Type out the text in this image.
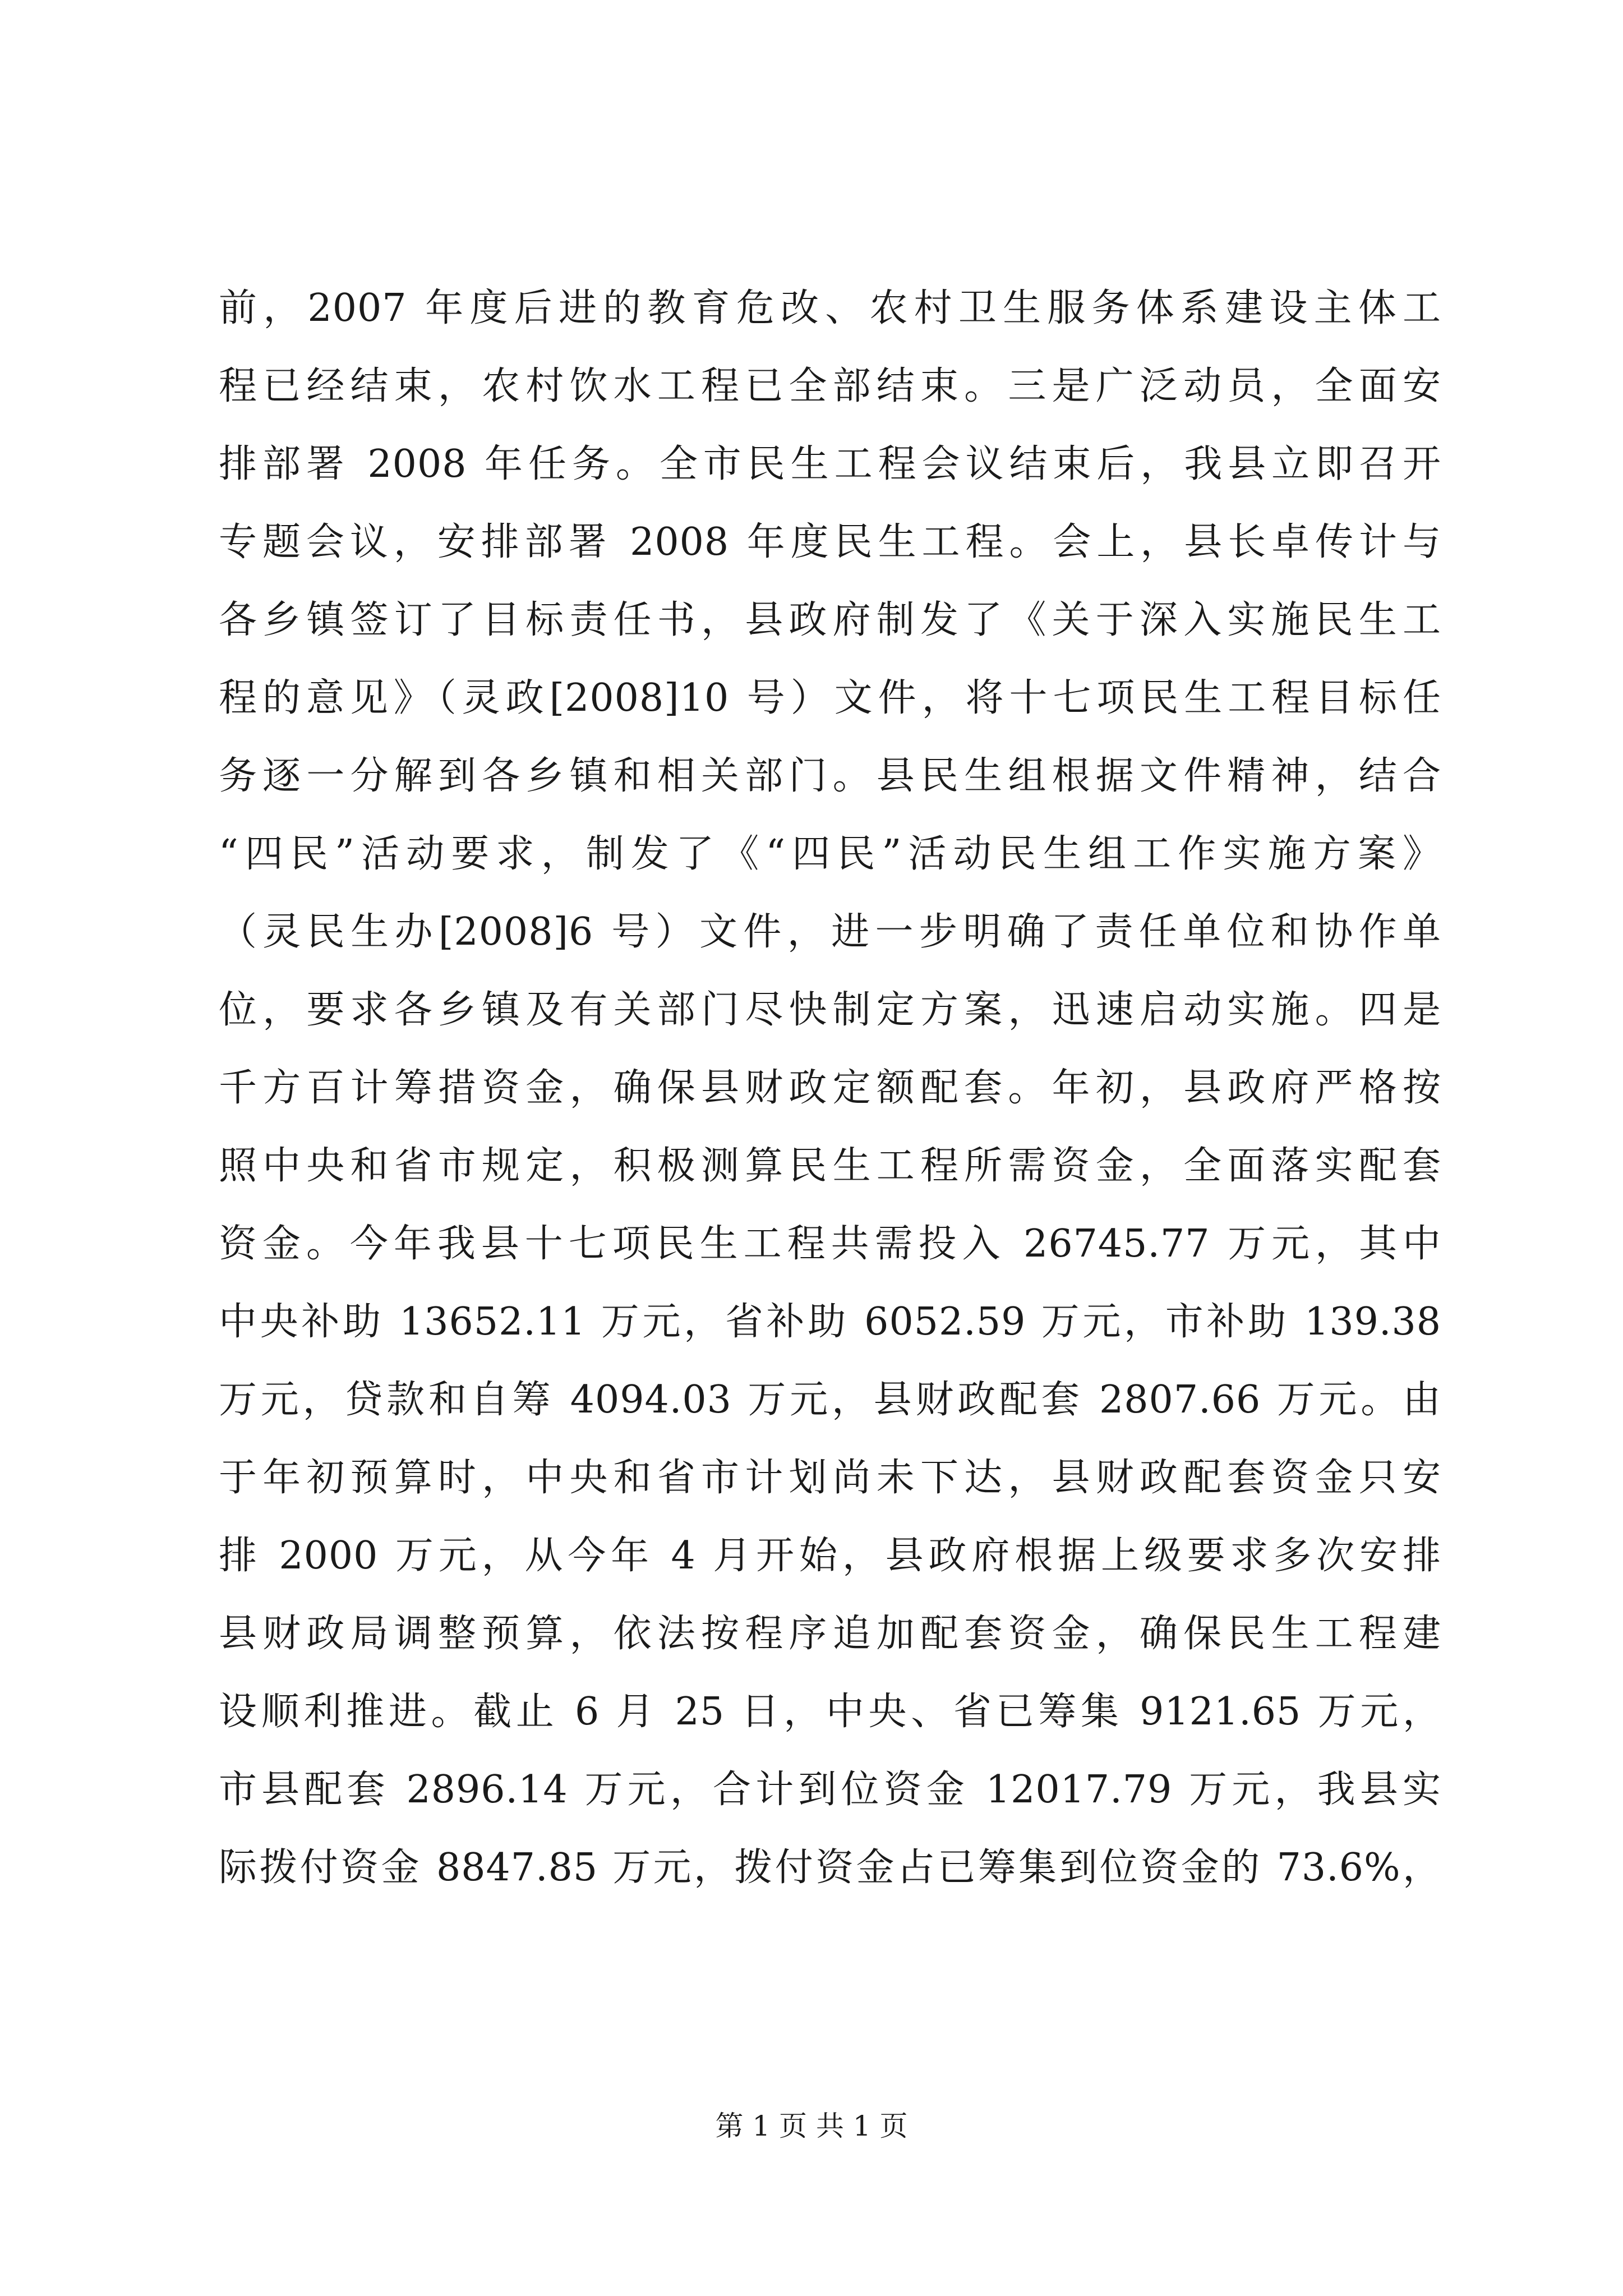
前，2007 年度后进的教育危改、农村卫生服务体系建设主体工
程已经结束，农村饮水工程已全部结束。三是广泛动员，全面安
排部署 2008 年任务。全市民生工程会议结束后，我县立即召开
专题会议，安排部署 2008 年度民生工程。会上，县长卓传计与
各乡镇签订了目标责任书，县政府制发了《关于深入实施民生工
程的意见》（灵政[2008]10 号）文件，将十七项民生工程目标任
务逐一分解到各乡镇和相关部门。县民生组根据文件精神，结合
“四民”活动要求，制发了《“四民”活动民生组工作实施方案》
（灵民生办[2008]6 号）文件，进一步明确了责任单位和协作单
位，要求各乡镇及有关部门尽快制定方案，迅速启动实施。四是
千方百计筹措资金，确保县财政定额配套。年初，县政府严格按
照中央和省市规定，积极测算民生工程所需资金，全面落实配套
资金。今年我县十七项民生工程共需投入 26745.77 万元，其中
中央补助 13652.11 万元，省补助 6052.59 万元，市补助 139.38
万元，贷款和自筹 4094.03 万元，县财政配套 2807.66 万元。由
于年初预算时，中央和省市计划尚未下达，县财政配套资金只安
排 2000 万元，从今年 4 月开始，县政府根据上级要求多次安排
县财政局调整预算，依法按程序追加配套资金，确保民生工程建
设顺利推进。截止 6 月 25 日，中央、省已筹集 9121.65 万元，
市县配套 2896.14 万元，合计到位资金 12017.79 万元，我县实
际拨付资金 8847.85 万元，拨付资金占已筹集到位资金的 73.6%，
第 1 页 共 1 页
